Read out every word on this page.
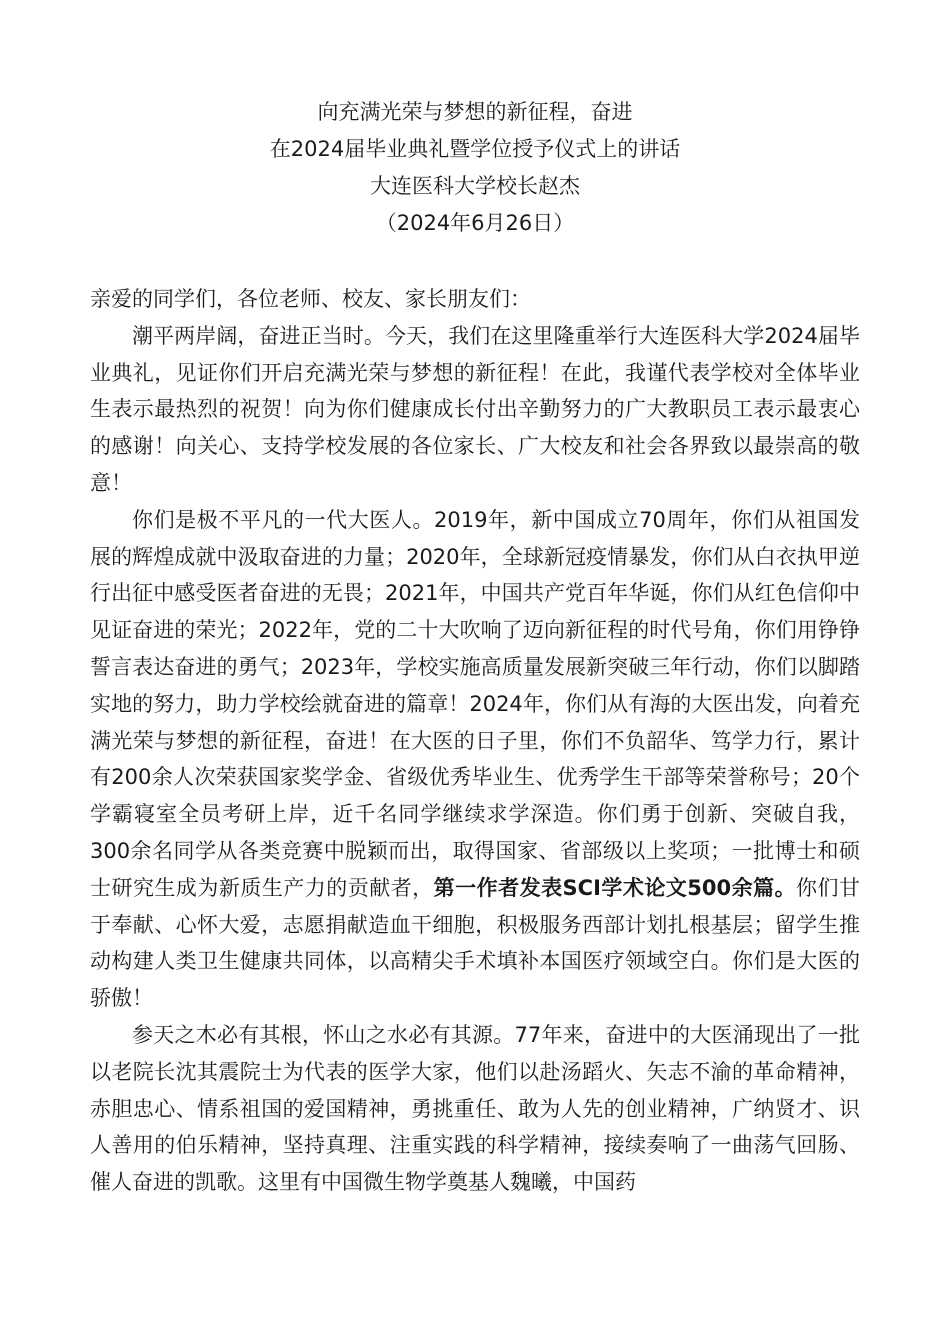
向充满光荣与梦想的新征程，奋进
在2024届毕业典礼暨学位授予仪式上的讲话
大连医科大学校长赵杰
（2024年6月26日）

亲爱的同学们，各位老师、校友、家长朋友们：

潮平两岸阔，奋进正当时。今天，我们在这里隆重举行大连医科大学2024届毕业典礼，见证你们开启充满光荣与梦想的新征程！在此，我谨代表学校对全体毕业生表示最热烈的祝贺！向为你们健康成长付出辛勤努力的广大教职员工表示最衷心的感谢！向关心、支持学校发展的各位家长、广大校友和社会各界致以最崇高的敬意！

你们是极不平凡的一代大医人。2019年，新中国成立70周年，你们从祖国发展的辉煌成就中汲取奋进的力量；2020年，全球新冠疫情暴发，你们从白衣执甲逆行出征中感受医者奋进的无畏；2021年，中国共产党百年华诞，你们从红色信仰中见证奋进的荣光；2022年，党的二十大吹响了迈向新征程的时代号角，你们用铮铮誓言表达奋进的勇气；2023年，学校实施高质量发展新突破三年行动，你们以脚踏实地的努力，助力学校绘就奋进的篇章！2024年，你们从有海的大医出发，向着充满光荣与梦想的新征程，奋进！在大医的日子里，你们不负韶华、笃学力行，累计有200余人次荣获国家奖学金、省级优秀毕业生、优秀学生干部等荣誉称号；20个学霸寝室全员考研上岸，近千名同学继续求学深造。你们勇于创新、突破自我，300余名同学从各类竞赛中脱颖而出，取得国家、省部级以上奖项；一批博士和硕士研究生成为新质生产力的贡献者，第一作者发表SCI学术论文500余篇。你们甘于奉献、心怀大爱，志愿捐献造血干细胞，积极服务西部计划扎根基层；留学生推动构建人类卫生健康共同体，以高精尖手术填补本国医疗领域空白。你们是大医的骄傲！

参天之木必有其根，怀山之水必有其源。77年来，奋进中的大医涌现出了一批以老院长沈其震院士为代表的医学大家，他们以赴汤蹈火、矢志不渝的革命精神，赤胆忠心、情系祖国的爱国精神，勇挑重任、敢为人先的创业精神，广纳贤才、识人善用的伯乐精神，坚持真理、注重实践的科学精神，接续奏响了一曲荡气回肠、催人奋进的凯歌。这里有中国微生物学奠基人魏曦，中国药
